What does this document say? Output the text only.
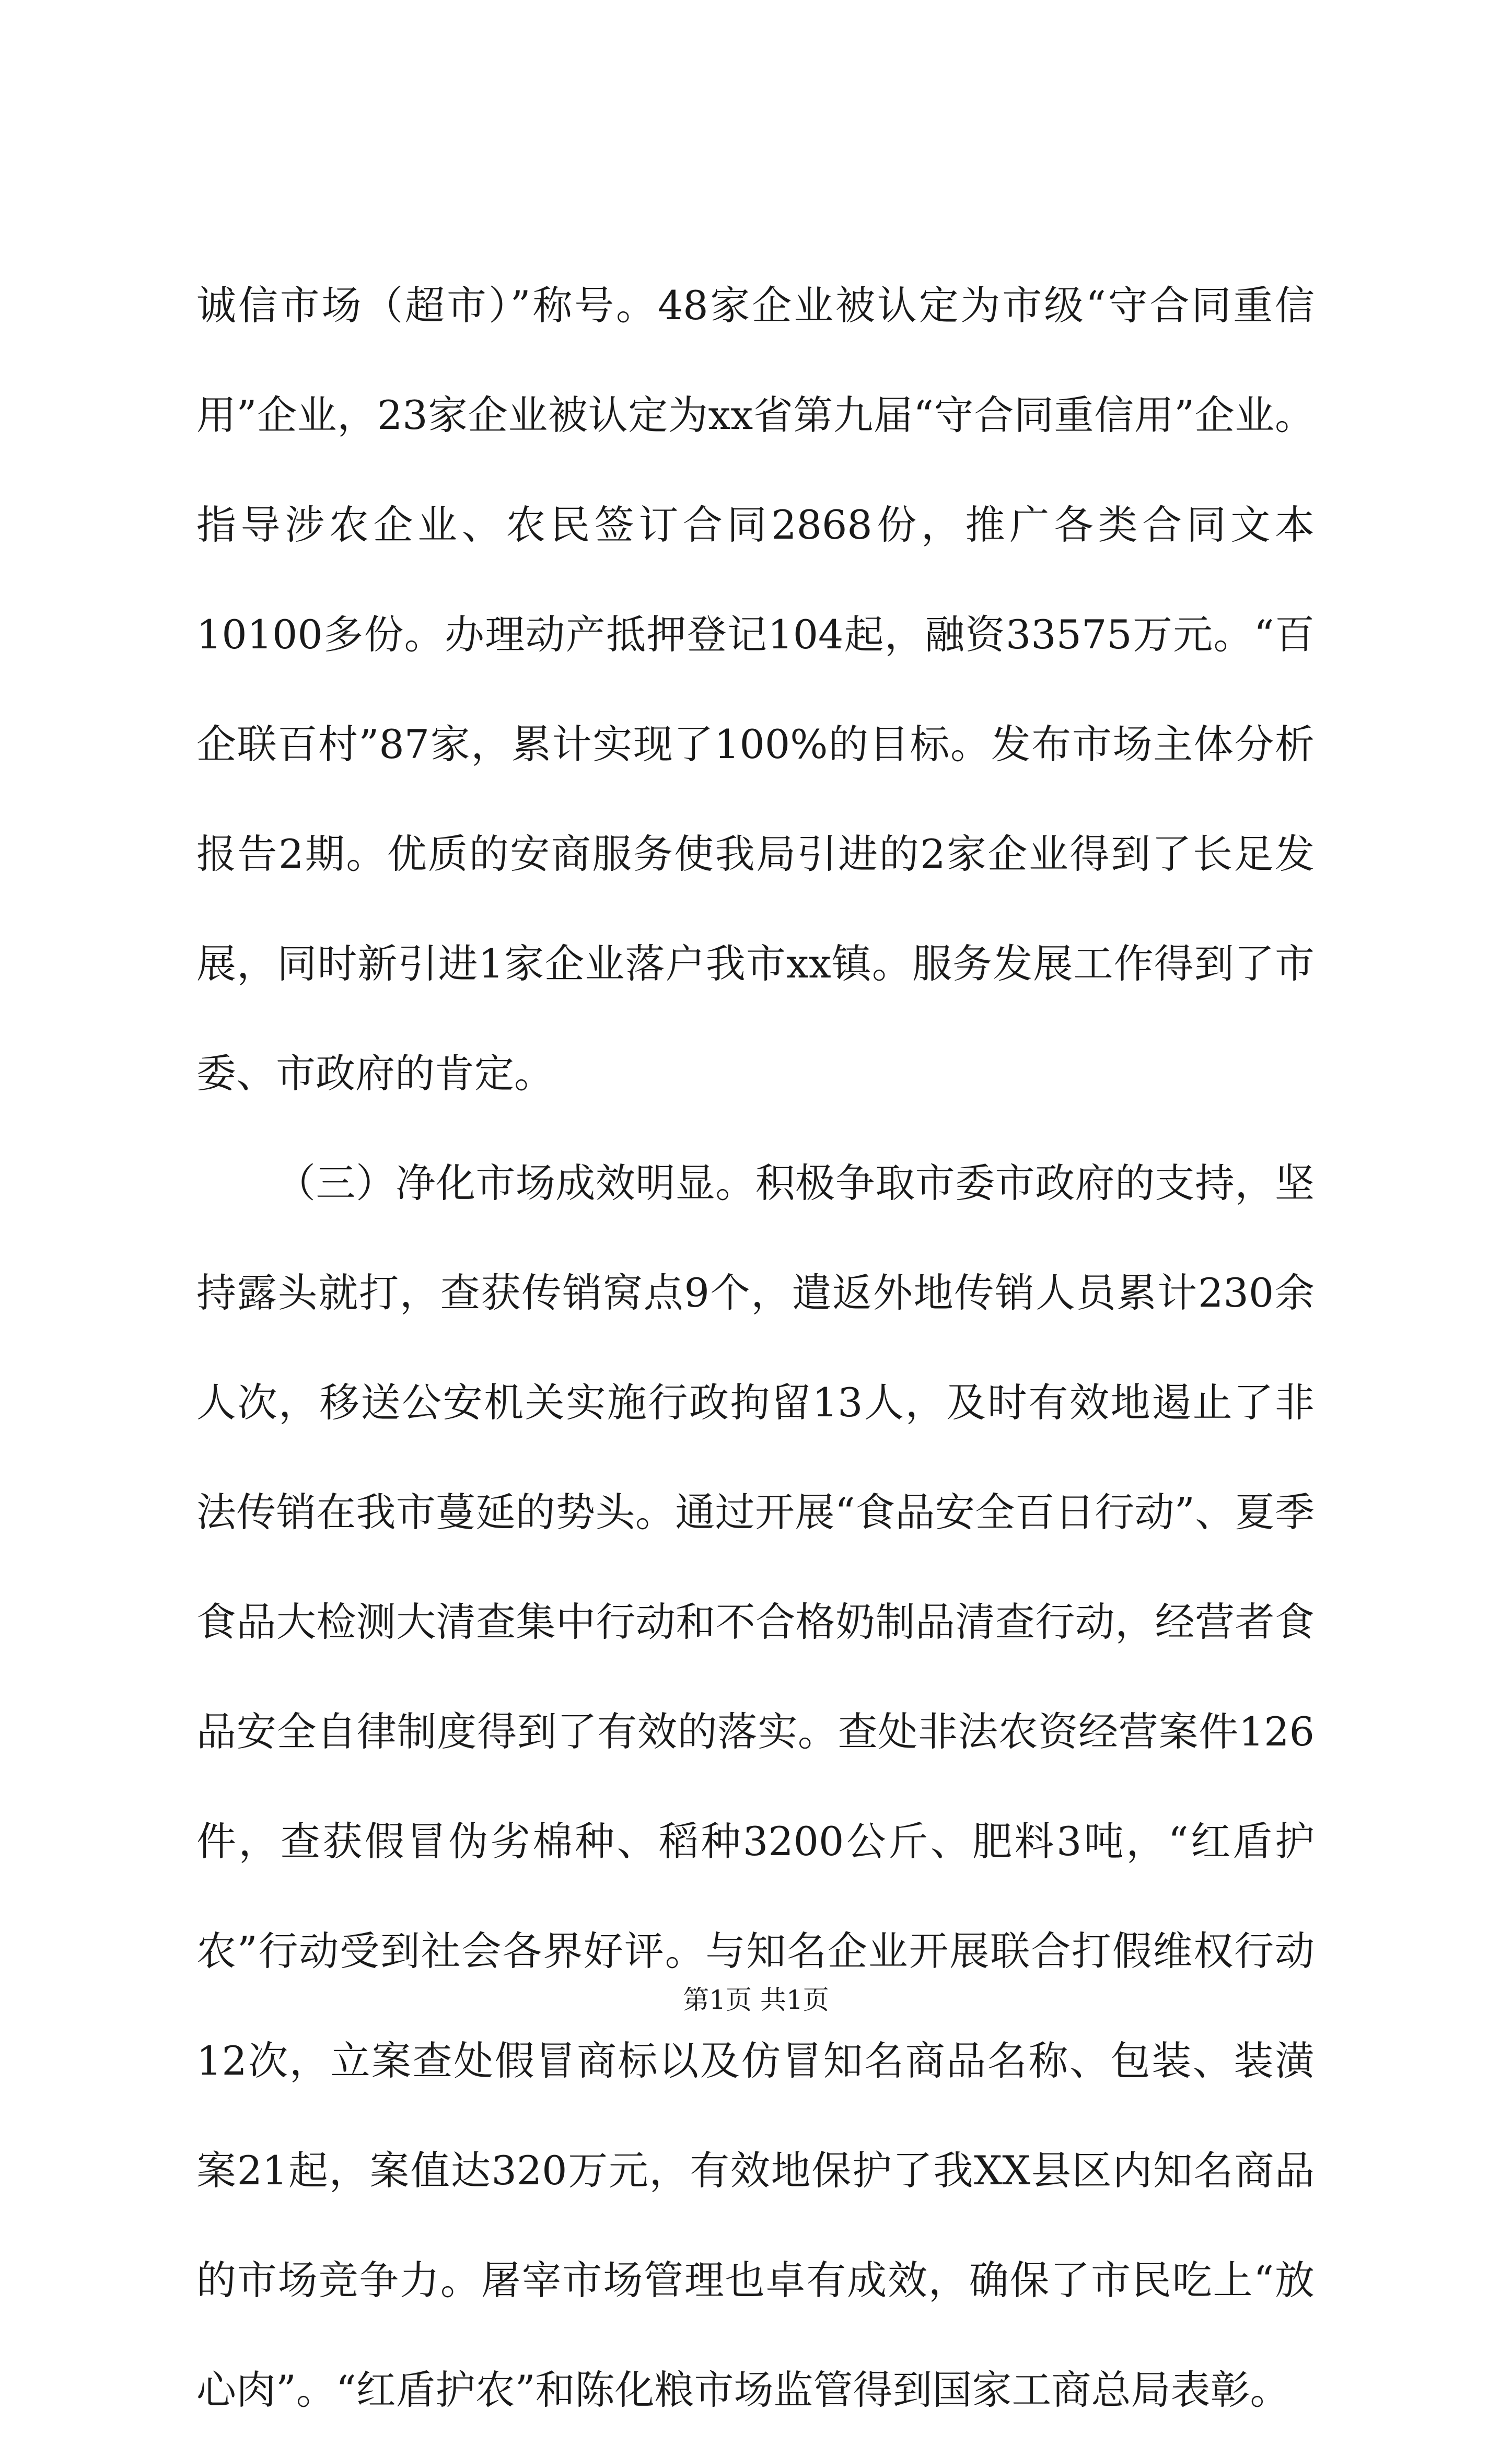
诚信市场（超市）”称号。48家企业被认定为市级“守合同重信用”企业，23家企业被认定为xx省第九届“守合同重信用”企业。指导涉农企业、农民签订合同2868份，推广各类合同文本10100多份。办理动产抵押登记104起，融资33575万元。“百企联百村”87家，累计实现了100%的目标。发布市场主体分析报告2期。优质的安商服务使我局引进的2家企业得到了长足发展，同时新引进1家企业落户我市xx镇。服务发展工作得到了市委、市政府的肯定。

（三）净化市场成效明显。积极争取市委市政府的支持，坚持露头就打，查获传销窝点9个，遣返外地传销人员累计230余人次，移送公安机关实施行政拘留13人，及时有效地遏止了非法传销在我市蔓延的势头。通过开展“食品安全百日行动”、夏季食品大检测大清查集中行动和不合格奶制品清查行动，经营者食品安全自律制度得到了有效的落实。查处非法农资经营案件126件，查获假冒伪劣棉种、稻种3200公斤、肥料3吨，“红盾护农”行动受到社会各界好评。与知名企业开展联合打假维权行动12次，立案查处假冒商标以及仿冒知名商品名称、包装、装潢案21起，案值达320万元，有效地保护了我XX县区内知名商品的市场竞争力。屠宰市场管理也卓有成效，确保了市民吃上“放心肉”。“红盾护农”和陈化粮市场监管得到国家工商总局表彰。

第1页 共1页
